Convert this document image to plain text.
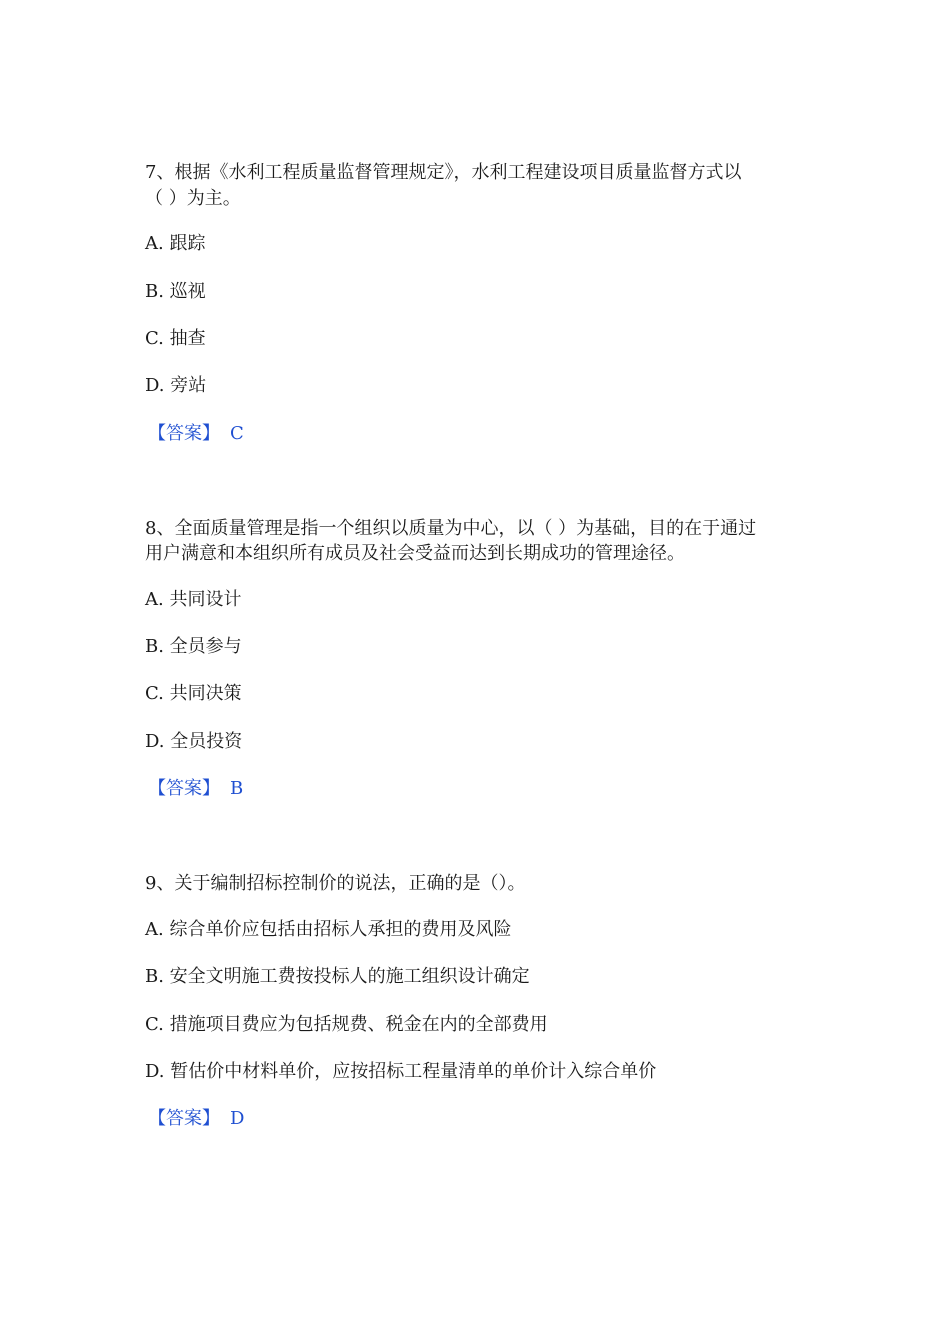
7、根据《水利工程质量监督管理规定》，水利工程建设项目质量监督方式以
（ ）为主。
A. 跟踪
B. 巡视
C. 抽查
D. 旁站
【答案】 C
8、全面质量管理是指一个组织以质量为中心，以（ ）为基础，目的在于通过
用户满意和本组织所有成员及社会受益而达到长期成功的管理途径。
A. 共同设计
B. 全员参与
C. 共同决策
D. 全员投资
【答案】 B
9、关于编制招标控制价的说法，正确的是（）。
A. 综合单价应包括由招标人承担的费用及风险
B. 安全文明施工费按投标人的施工组织设计确定
C. 措施项目费应为包括规费、税金在内的全部费用
D. 暂估价中材料单价，应按招标工程量清单的单价计入综合单价
【答案】 D
